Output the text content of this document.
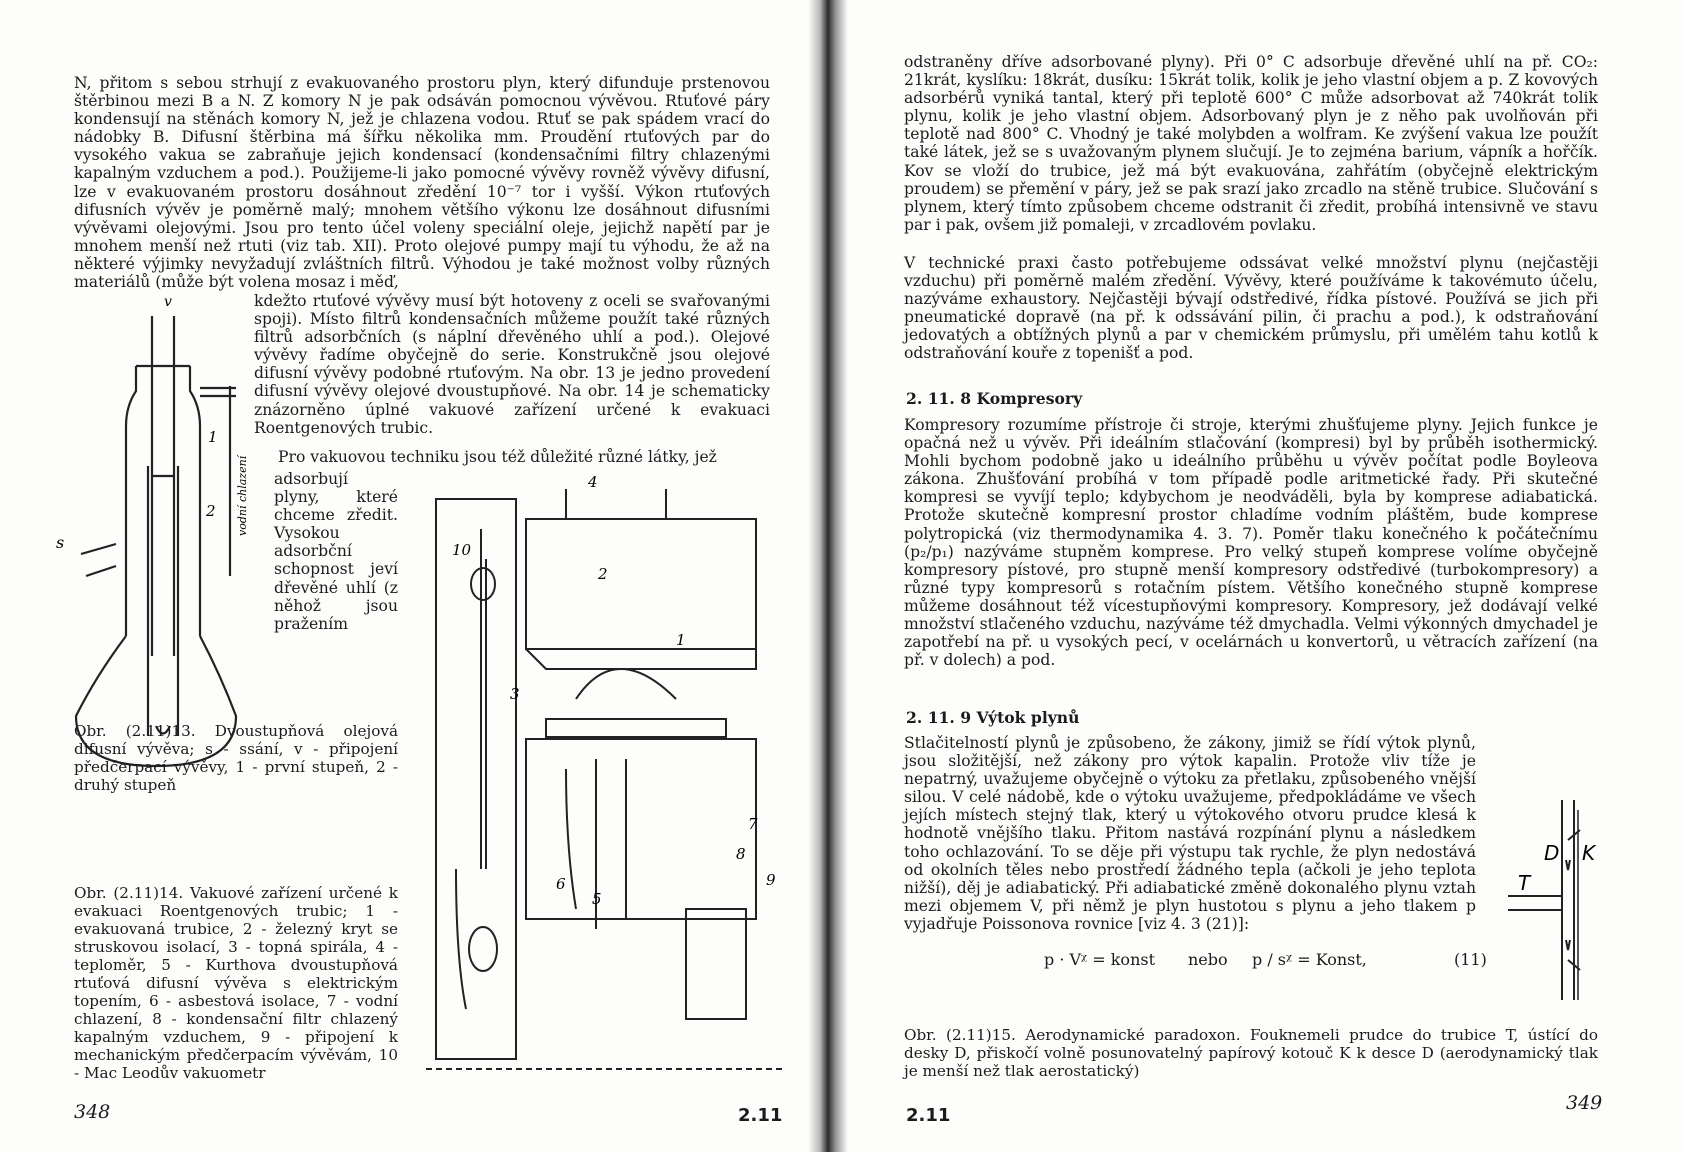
N, přitom s sebou strhují z evakuovaného prostoru plyn, který difunduje prstenovou štěrbinou mezi B a N. Z komory N je pak odsáván pomocnou vývěvou. Rtuťové páry kondensují na stěnách komory N, jež je chlazena vodou. Rtuť se pak spádem vrací do nádobky B. Difusní štěrbina má šířku několika mm. Proudění rtuťových par do vysokého vakua se zabraňuje jejich kondensací (kondensačními filtry chlazenými kapalným vzduchem a pod.). Použijeme-li jako pomocné vývěvy rovněž vývěvy difusní, lze v evakuovaném prostoru dosáhnout zředění 10⁻⁷ tor i vyšší. Výkon rtuťových difusních vývěv je poměrně malý; mnohem většího výkonu lze dosáhnout difusními vývěvami olejovými. Jsou pro tento účel voleny speciální oleje, jejichž napětí par je mnohem menší než rtuti (viz tab. XII). Proto olejové pumpy mají tu výhodu, že až na některé výjimky nevyžadují zvláštních filtrů. Výhodou je také možnost volby různých materiálů (může být volena mosaz i měď,

kdežto rtuťové vývěvy musí být hotoveny z oceli se svařovanými spoji). Místo filtrů kondensačních můžeme použít také různých filtrů adsorbčních (s náplní dřevěného uhlí a pod.). Olejové vývěvy řadíme obyčejně do serie. Konstrukčně jsou olejové difusní vývěvy podobné rtuťovým. Na obr. 13 je jedno provedení difusní vývěvy olejové dvoustupňové. Na obr. 14 je schematicky znázorněno úplné vakuové zařízení určené k evakuaci Roentgenových trubic.

Pro vakuovou techniku jsou též důležité různé látky, jež

adsorbují plyny, které chceme zředit. Vysokou adsorbční schopnost jeví dřevěné uhlí (z něhož jsou pražením

v
s
1
2 vodní chlazení

Obr. (2.11)13. Dvoustupňová olejová difusní vývěva; s - ssání, v - připojení předčerpací vývěvy, 1 - první stupeň, 2 - druhý stupeň

1
2
3
4
5
6
7
8
9
10

Obr. (2.11)14. Vakuové zařízení určené k evakuaci Roentgenových trubic; 1 - evakuovaná trubice, 2 - železný kryt se struskovou isolací, 3 - topná spirála, 4 - teploměr, 5 - Kurthova dvoustupňová rtuťová difusní vývěva s elektrickým topením, 6 - asbestová isolace, 7 - vodní chlazení, 8 - kondensační filtr chlazený kapalným vzduchem, 9 - připojení k mechanickým předčerpacím vývěvám, 10 - Mac Leodův vakuometr

348	2.11

odstraněny dříve adsorbované plyny). Při 0° C adsorbuje dřevěné uhlí na př. CO₂: 21krát, kyslíku: 18krát, dusíku: 15krát tolik, kolik je jeho vlastní objem a p. Z kovových adsorbérů vyniká tantal, který při teplotě 600° C může adsorbovat až 740krát tolik plynu, kolik je jeho vlastní objem. Adsorbovaný plyn je z něho pak uvolňován při teplotě nad 800° C. Vhodný je také molybden a wolfram. Ke zvýšení vakua lze použít také látek, jež se s uvažovaným plynem slučují. Je to zejména barium, vápník a hořčík. Kov se vloží do trubice, jež má být evakuována, zahřátím (obyčejně elektrickým proudem) se přemění v páry, jež se pak srazí jako zrcadlo na stěně trubice. Slučování s plynem, který tímto způsobem chceme odstranit či zředit, probíhá intensivně ve stavu par i pak, ovšem již pomaleji, v zrcadlovém povlaku.

V technické praxi často potřebujeme odssávat velké množství plynu (nejčastěji vzduchu) při poměrně malém zředění. Vývěvy, které používáme k takovémuto účelu, nazýváme exhaustory. Nejčastěji bývají odstředivé, řídka pístové. Používá se jich při pneumatické dopravě (na př. k odssávání pilin, či prachu a pod.), k odstraňování jedovatých a obtížných plynů a par v chemickém průmyslu, při umělém tahu kotlů k odstraňování kouře z topenišť a pod.

2. 11. 8 Kompresory

Kompresory rozumíme přístroje či stroje, kterými zhušťujeme plyny. Jejich funkce je opačná než u vývěv. Při ideálním stlačování (kompresi) byl by průběh isothermický. Mohli bychom podobně jako u ideálního průběhu u vývěv počítat podle Boyleova zákona. Zhušťování probíhá v tom případě podle aritmetické řady. Při skutečné kompresi se vyvíjí teplo; kdybychom je neodváděli, byla by komprese adiabatická. Protože skutečně kompresní prostor chladíme vodním pláštěm, bude komprese polytropická (viz thermodynamika 4. 3. 7). Poměr tlaku konečného k počátečnímu (p₂/p₁) nazýváme stupněm komprese. Pro velký stupeň komprese volíme obyčejně kompresory pístové, pro stupně menší kompresory odstředivé (turbokompresory) a různé typy kompresorů s rotačním pístem. Většího konečného stupně komprese můžeme dosáhnout též vícestupňovými kompresory. Kompresory, jež dodávají velké množství stlačeného vzduchu, nazýváme též dmychadla. Velmi výkonných dmychadel je zapotřebí na př. u vysokých pecí, v ocelárnách u konvertorů, u větracích zařízení (na př. v dolech) a pod.

2. 11. 9 Výtok plynů

Stlačitelností plynů je způsobeno, že zákony, jimiž se řídí výtok plynů, jsou složitější, než zákony pro výtok kapalin. Protože vliv tíže je nepatrný, uvažujeme obyčejně o výtoku za přetlaku, způsobeného vnější silou. V celé nádobě, kde o výtoku uvažujeme, předpokládáme ve všech jejích místech stejný tlak, který u výtokového otvoru prudce klesá k hodnotě vnějšího tlaku. Přitom nastává rozpínání plynu a následkem toho ochlazování. To se děje při výstupu tak rychle, že plyn nedostává od okolních těles nebo prostředí žádného tepla (ačkoli je jeho teplota nižší), děj je adiabatický. Při adiabatické změně dokonalého plynu vztah mezi objemem V, při němž je plyn hustotou s plynu a jeho tlakem p vyjadřuje Poissonova rovnice [viz 4. 3 (21)]:

p · Vᵡ = konst nebo p / sᵡ = Konst,	(11)
T
D K

Obr. (2.11)15. Aerodynamické paradoxon. Fouknemeli prudce do trubice T, ústící do desky D, přiskočí volně posunovatelný papírový kotouč K k desce D (aerodynamický tlak je menší než tlak aerostatický)

2.11
349
